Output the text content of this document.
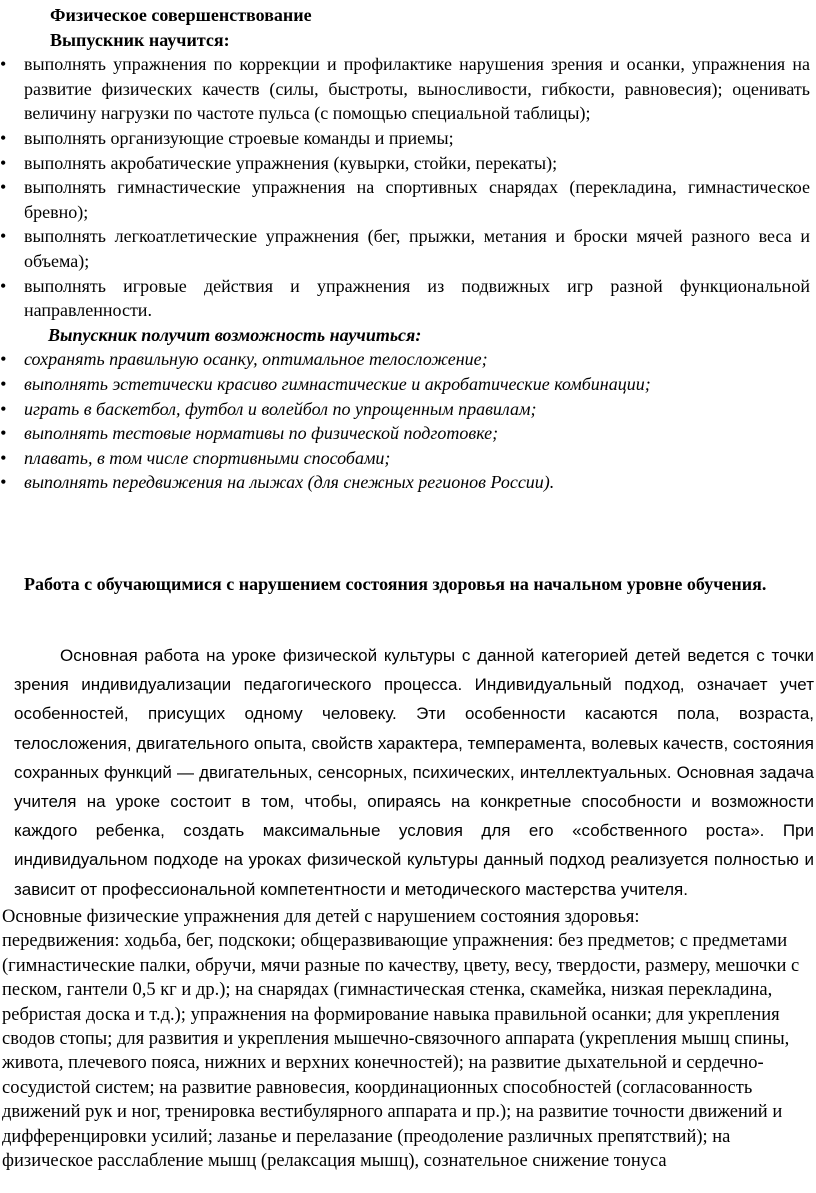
Физическое совершенствование
Выпускник научится:
• выполнять упражнения по коррекции и профилактике нарушения зрения и осанки, упражнения на развитие физических качеств (силы, быстроты, выносливости, гибкости, равновесия); оценивать величину нагрузки по частоте пульса (с помощью специальной таблицы);
• выполнять организующие строевые команды и приемы;
• выполнять акробатические упражнения (кувырки, стойки, перекаты);
• выполнять гимнастические упражнения на спортивных снарядах (перекладина, гимнастическое бревно);
• выполнять легкоатлетические упражнения (бег, прыжки, метания и броски мячей разного веса и объема);
• выполнять игровые действия и упражнения из подвижных игр разной функциональной направленности.
Выпускник получит возможность научиться:
• сохранять правильную осанку, оптимальное телосложение;
• выполнять эстетически красиво гимнастические и акробатические комбинации;
• играть в баскетбол, футбол и волейбол по упрощенным правилам;
• выполнять тестовые нормативы по физической подготовке;
• плавать, в том числе спортивными способами;
• выполнять передвижения на лыжах (для снежных регионов России).
Работа с обучающимися с нарушением состояния здоровья на начальном уровне обучения.
Основная работа на уроке физической культуры с данной категорией детей ведется с точки зрения индивидуализации педагогического процесса. Индивидуальный подход, означает учет особенностей, присущих одному человеку. Эти особенности касаются пола, возраста, телосложения, двигательного опыта, свойств характера, темперамента, волевых качеств, состояния сохранных функций — двигательных, сенсорных, психических, интеллектуальных. Основная задача учителя на уроке состоит в том, чтобы, опираясь на конкретные способности и возможности каждого ребенка, создать максимальные условия для его «собственного роста». При индивидуальном подходе на уроках физической культуры данный подход реализуется полностью и зависит от профессиональной компетентности и методического мастерства учителя.
Основные физические упражнения для детей с нарушением состояния здоровья:
передвижения: ходьба, бег, подскоки; общеразвивающие упражнения: без предметов; с предметами (гимнастические палки, обручи, мячи разные по качеству, цвету, весу, твердости, размеру, мешочки с песком, гантели 0,5 кг и др.); на снарядах (гимнастическая стенка, скамейка, низкая перекладина, ребристая доска и т.д.); упражнения на формирование навыка правильной осанки; для укрепления сводов стопы; для развития и укрепления мышечно-связочного аппарата (укрепления мышц спины, живота, плечевого пояса, нижних и верхних конечностей); на развитие дыхательной и сердечно- сосудистой систем; на развитие равновесия, координационных способностей (согласованность движений рук и ног, тренировка вестибулярного аппарата и пр.); на развитие точности движений и дифференцировки усилий; лазанье и перелазание (преодоление различных препятствий); на физическое расслабление мышц (релаксация мышц), сознательное снижение тонуса
